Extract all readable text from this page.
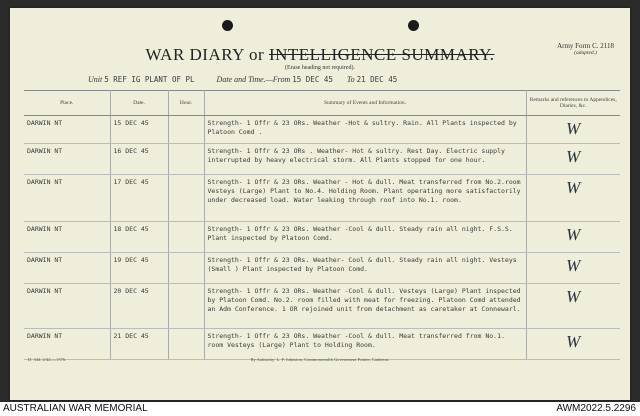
WAR DIARY or INTELLIGENCE SUMMARY.
(Erase heading not required).
Army Form C. 2118
(adapted.)
Unit 5 REF IG PLANT OF PL	Date and Time.—From 15 DEC 45 To 21 DEC 45
Place.	Date.	Hour.	Summary of Events and Information.	Remarks and references to Appendices, Diaries, &c.
DARWIN NT	15 DEC 45		Strength- 1 Offr & 23 ORs. Weather -Hot & sultry. Rain. All Plants inspected by Platoon Comd .	W

DARWIN NT	16 DEC 45		Strength- 1 Offr & 23 ORs . Weather- Hot & sultry. Rest Day. Electric supply interrupted by heavy electrical storm. All Plants stopped for one hour.	W

DARWIN NT	17 DEC 45		Strength- 1 Offr & 23 ORs. Weather - Hot & dull. Meat transferred from No.2.room Vesteys (Large) Plant to No.4. Holding Room. Plant operating more satisfactorily under decreased load. Water leaking through roof into No.1. room.	W

DARWIN NT	18 DEC 45		Strength- 1 Offr & 23 ORs. Weather -Cool & dull. Steady rain all night. F.S.S. Plant inspected by Platoon Comd.	W

DARWIN NT	19 DEC 45		Strength- 1 Offr & 23 ORs. Weather- Cool & dull. Steady rain all night. Vesteys (Small ) Plant inspected by Platoon Comd.	W

DARWIN NT	20 DEC 45		Strength- 1 Offr & 23 ORs. Weather -Cool & dull. Vesteys (Large) Plant inspected by Platoon Comd. No.2. room filled with meat for freezing. Platoon Comd attended an Adm Conference. 1 OR rejoined unit from detachment as caretaker at Connewarl.	W

DARWIN NT	21 DEC 45		Strength- 1 Offr & 23 ORs. Weather -Cool & dull. Meat transferred from No.1. room Vesteys (Large) Plant to Holding Room.	W
D. 344. 2/42.—1376.	By Authority: L. F. Johnston, Commonwealth Government Printer, Canberra.
AUSTRALIAN WAR MEMORIAL	AWM2022.5.2296
